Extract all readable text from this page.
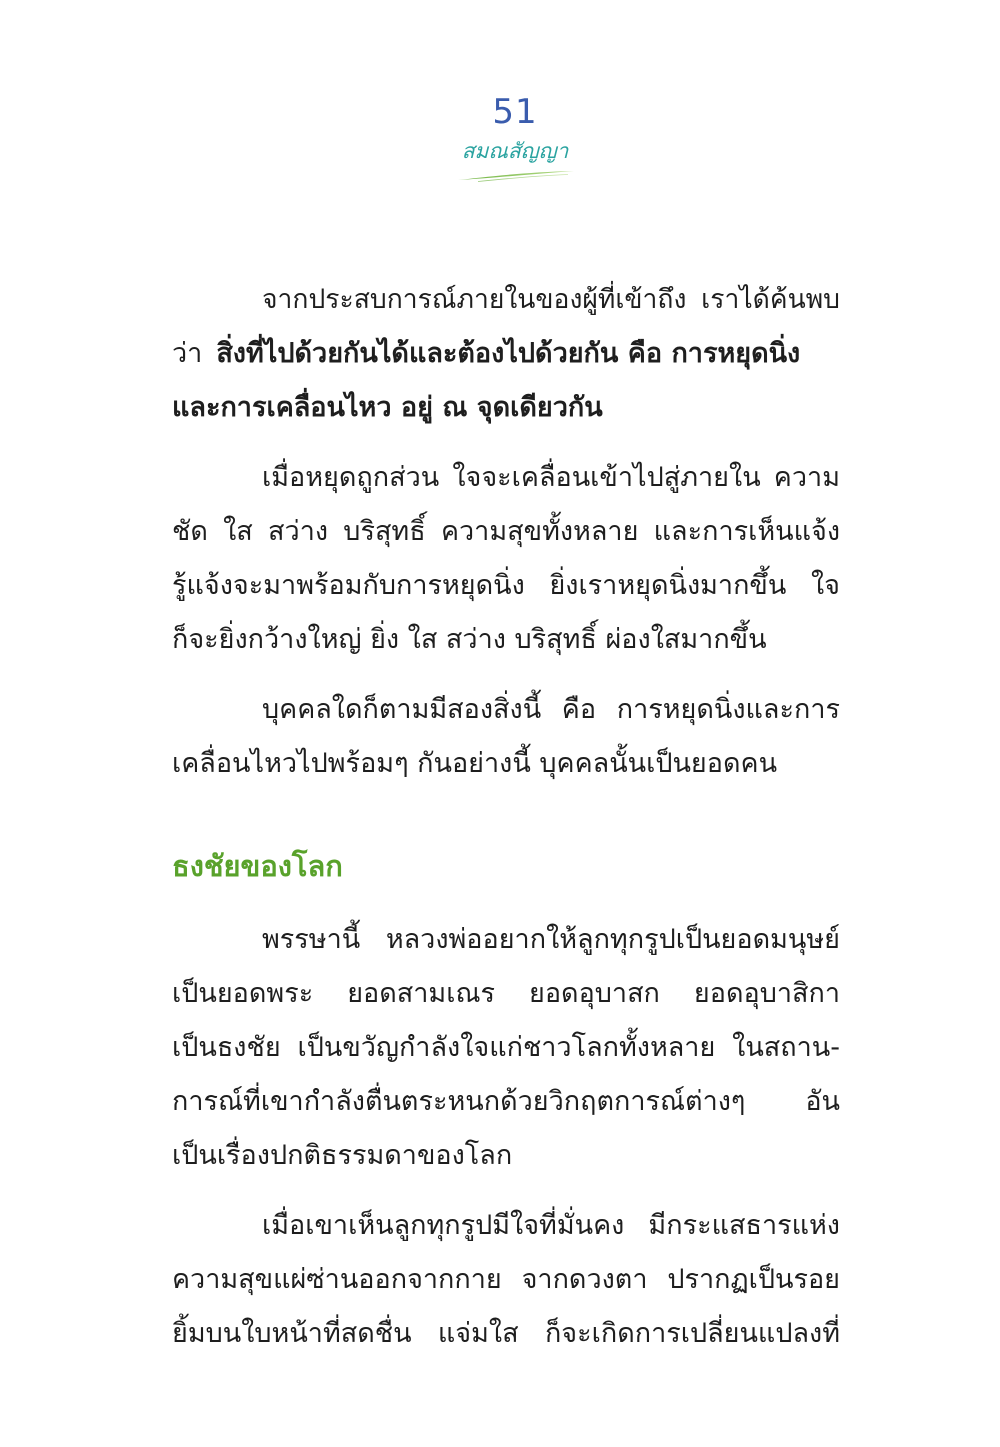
51
สมณสัญญา
จากประสบการณ์ภายในของผู้ที่เข้าถึง เราได้ค้นพบ
ว่า สิ่งที่ไปด้วยกันได้และต้องไปด้วยกัน คือ การหยุดนิ่ง
และการเคลื่อนไหว อยู่ ณ จุดเดียวกัน
เมื่อหยุดถูกส่วน ใจจะเคลื่อนเข้าไปสู่ภายใน ความ
ชัด ใส สว่าง บริสุทธิ์ ความสุขทั้งหลาย และการเห็นแจ้ง
รู้แจ้งจะมาพร้อมกับการหยุดนิ่ง ยิ่งเราหยุดนิ่งมากขึ้น ใจ
ก็จะยิ่งกว้างใหญ่ ยิ่ง ใส สว่าง บริสุทธิ์ ผ่องใสมากขึ้น
บุคคลใดก็ตามมีสองสิ่งนี้ คือ การหยุดนิ่งและการ
เคลื่อนไหวไปพร้อมๆ กันอย่างนี้ บุคคลนั้นเป็นยอดคน
ธงชัยของโลก
พรรษานี้ หลวงพ่ออยากให้ลูกทุกรูปเป็นยอดมนุษย์
เป็นยอดพระ ยอดสามเณร ยอดอุบาสก ยอดอุบาสิกา
เป็นธงชัย เป็นขวัญกำลังใจแก่ชาวโลกทั้งหลาย ในสถาน-
การณ์ที่เขากำลังตื่นตระหนกด้วยวิกฤตการณ์ต่างๆ อัน
เป็นเรื่องปกติธรรมดาของโลก
เมื่อเขาเห็นลูกทุกรูปมีใจที่มั่นคง มีกระแสธารแห่ง
ความสุขแผ่ซ่านออกจากกาย จากดวงตา ปรากฏเป็นรอย
ยิ้มบนใบหน้าที่สดชื่น แจ่มใส ก็จะเกิดการเปลี่ยนแปลงที่
